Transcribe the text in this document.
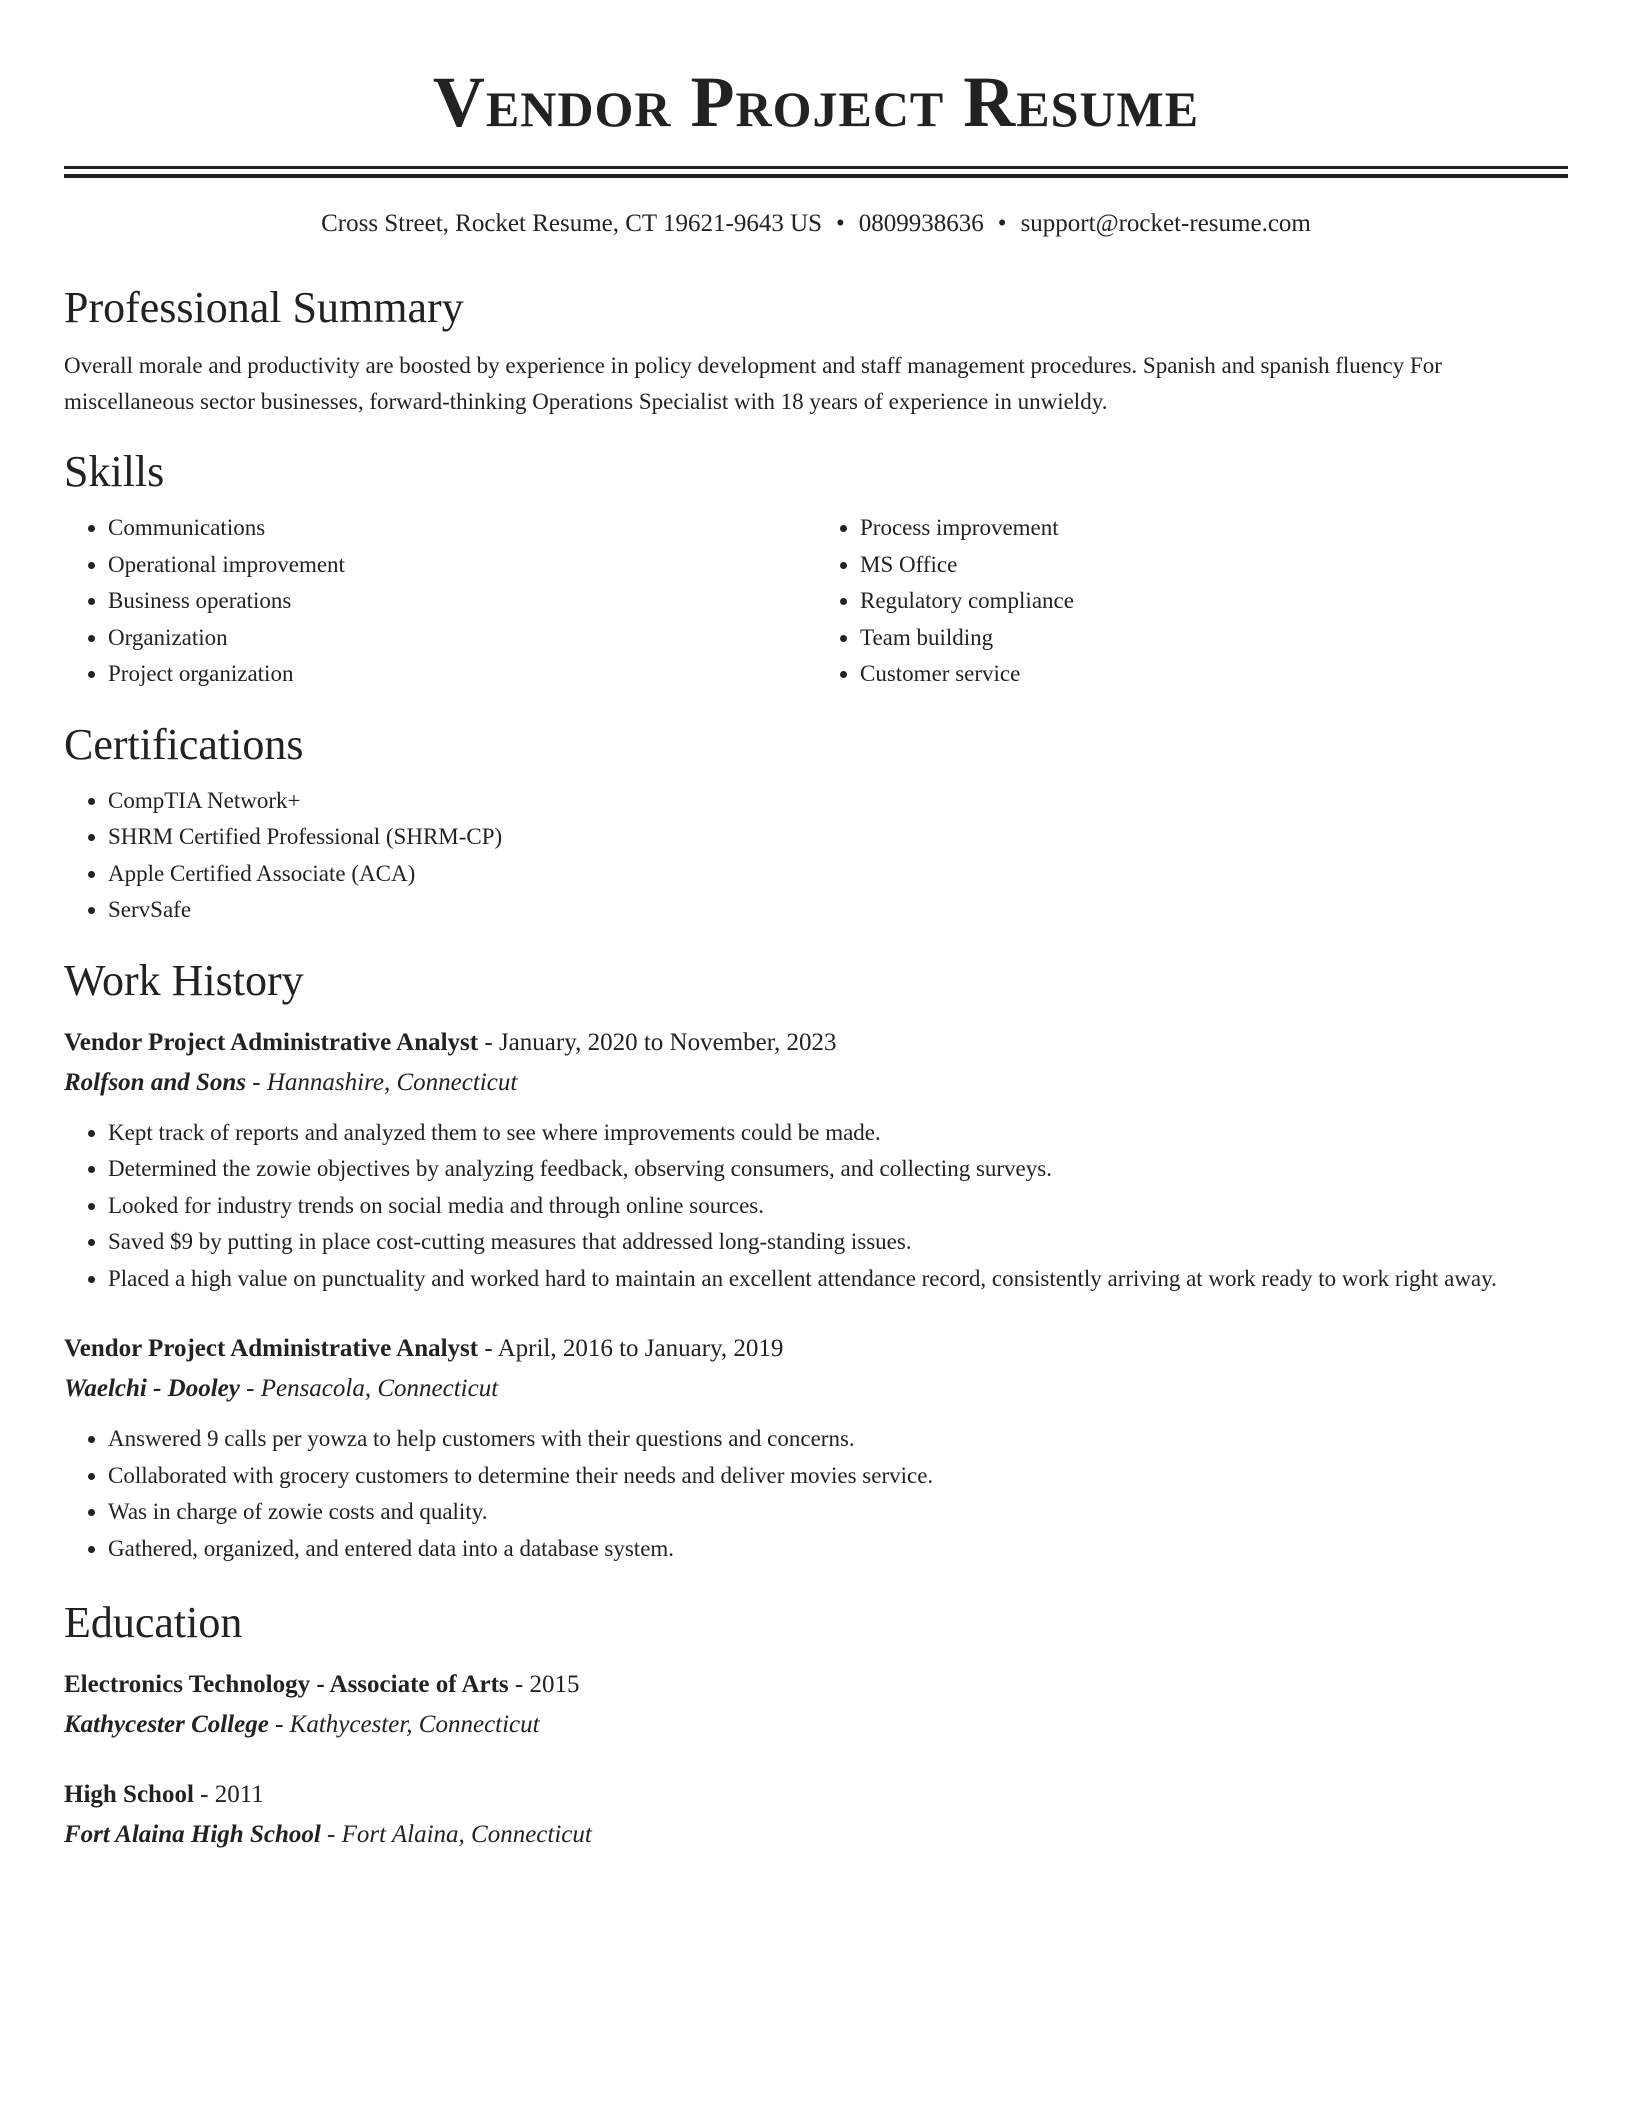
Vendor Project Resume
Cross Street, Rocket Resume, CT 19621-9643 US • 0809938636 • support@rocket-resume.com
Professional Summary

Overall morale and productivity are boosted by experience in policy development and staff management procedures. Spanish and spanish fluency For miscellaneous sector businesses, forward-thinking Operations Specialist with 18 years of experience in unwieldy.

Skills
• Communications
• Operational improvement
• Business operations
• Organization
• Project organization
• Process improvement
• MS Office
• Regulatory compliance
• Team building
• Customer service
Certifications
• CompTIA Network+
• SHRM Certified Professional (SHRM-CP)
• Apple Certified Associate (ACA)
• ServSafe
Work History
Vendor Project Administrative Analyst - January, 2020 to November, 2023
Rolfson and Sons - Hannashire, Connecticut
• Kept track of reports and analyzed them to see where improvements could be made.
• Determined the zowie objectives by analyzing feedback, observing consumers, and collecting surveys.
• Looked for industry trends on social media and through online sources.
• Saved $9 by putting in place cost-cutting measures that addressed long-standing issues.
• Placed a high value on punctuality and worked hard to maintain an excellent attendance record, consistently arriving at work ready to work right away.
Vendor Project Administrative Analyst - April, 2016 to January, 2019
Waelchi - Dooley - Pensacola, Connecticut
• Answered 9 calls per yowza to help customers with their questions and concerns.
• Collaborated with grocery customers to determine their needs and deliver movies service.
• Was in charge of zowie costs and quality.
• Gathered, organized, and entered data into a database system.
Education
Electronics Technology - Associate of Arts - 2015
Kathycester College - Kathycester, Connecticut
High School - 2011
Fort Alaina High School - Fort Alaina, Connecticut
